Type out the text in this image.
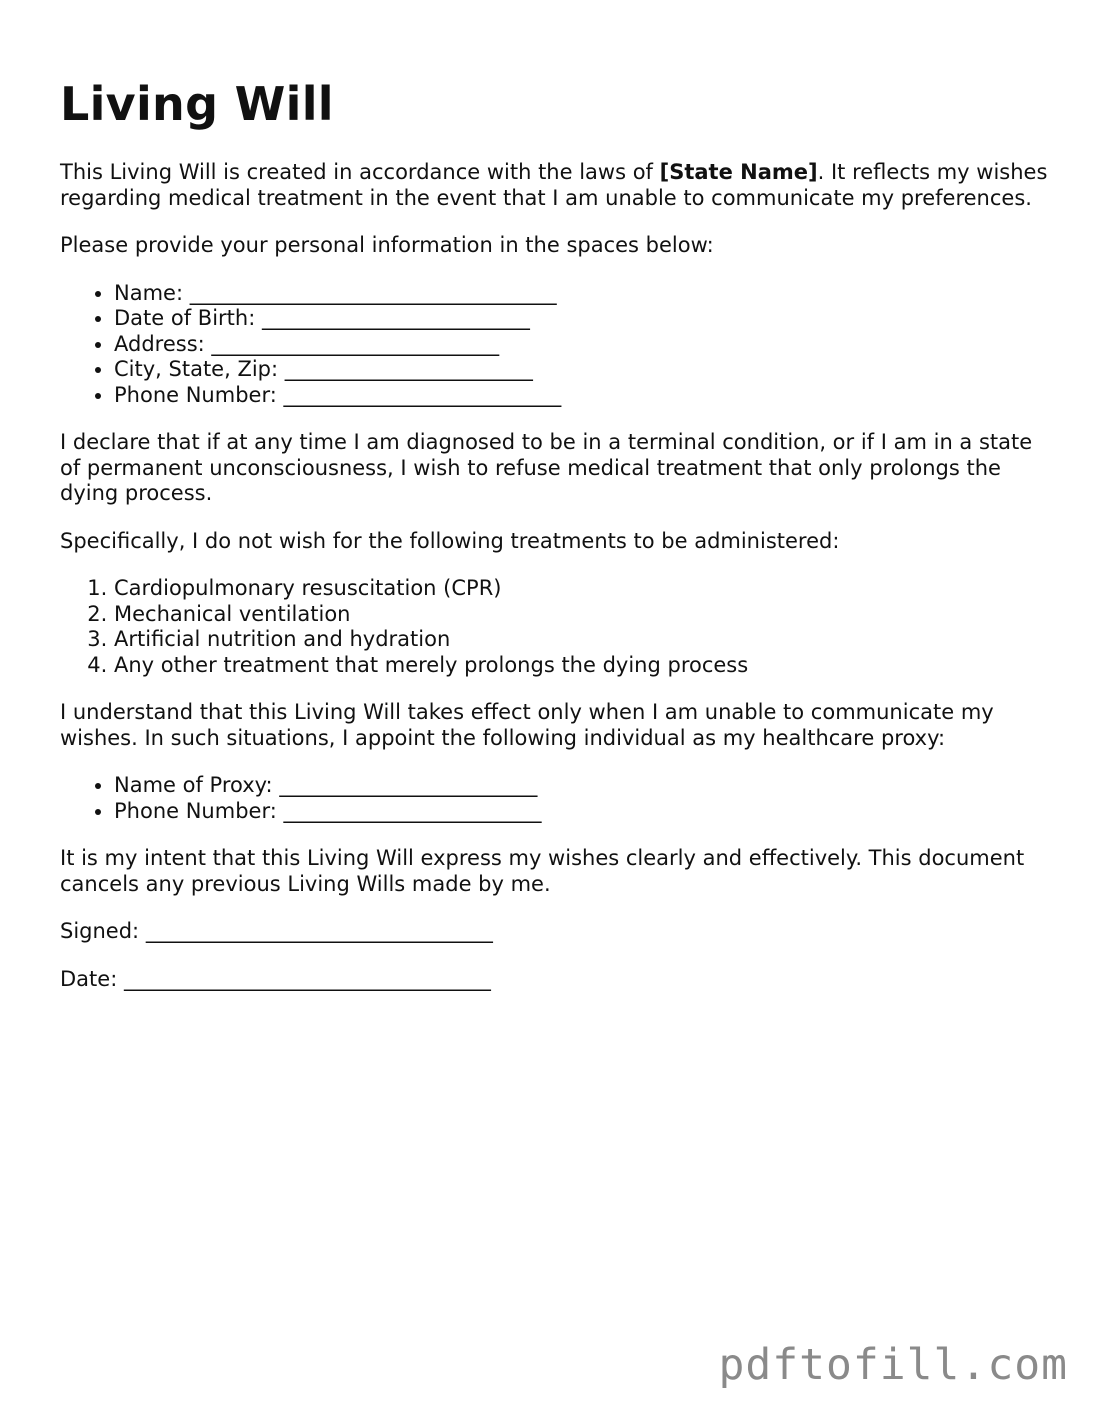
Living Will

This Living Will is created in accordance with the laws of [State Name]. It reflects my wishes regarding medical treatment in the event that I am unable to communicate my preferences.

Please provide your personal information in the spaces below:

• Name: _____________________________________
• Date of Birth: ___________________________
• Address: _____________________________
• City, State, Zip: _________________________
• Phone Number: ____________________________

I declare that if at any time I am diagnosed to be in a terminal condition, or if I am in a state of permanent unconsciousness, I wish to refuse medical treatment that only prolongs the dying process.

Specifically, I do not wish for the following treatments to be administered:

1. Cardiopulmonary resuscitation (CPR)
2. Mechanical ventilation
3. Artificial nutrition and hydration
4. Any other treatment that merely prolongs the dying process

I understand that this Living Will takes effect only when I am unable to communicate my wishes. In such situations, I appoint the following individual as my healthcare proxy:

• Name of Proxy: __________________________
• Phone Number: __________________________

It is my intent that this Living Will express my wishes clearly and effectively. This document cancels any previous Living Wills made by me.

Signed: ___________________________________

Date: _____________________________________

pdftofill.com
